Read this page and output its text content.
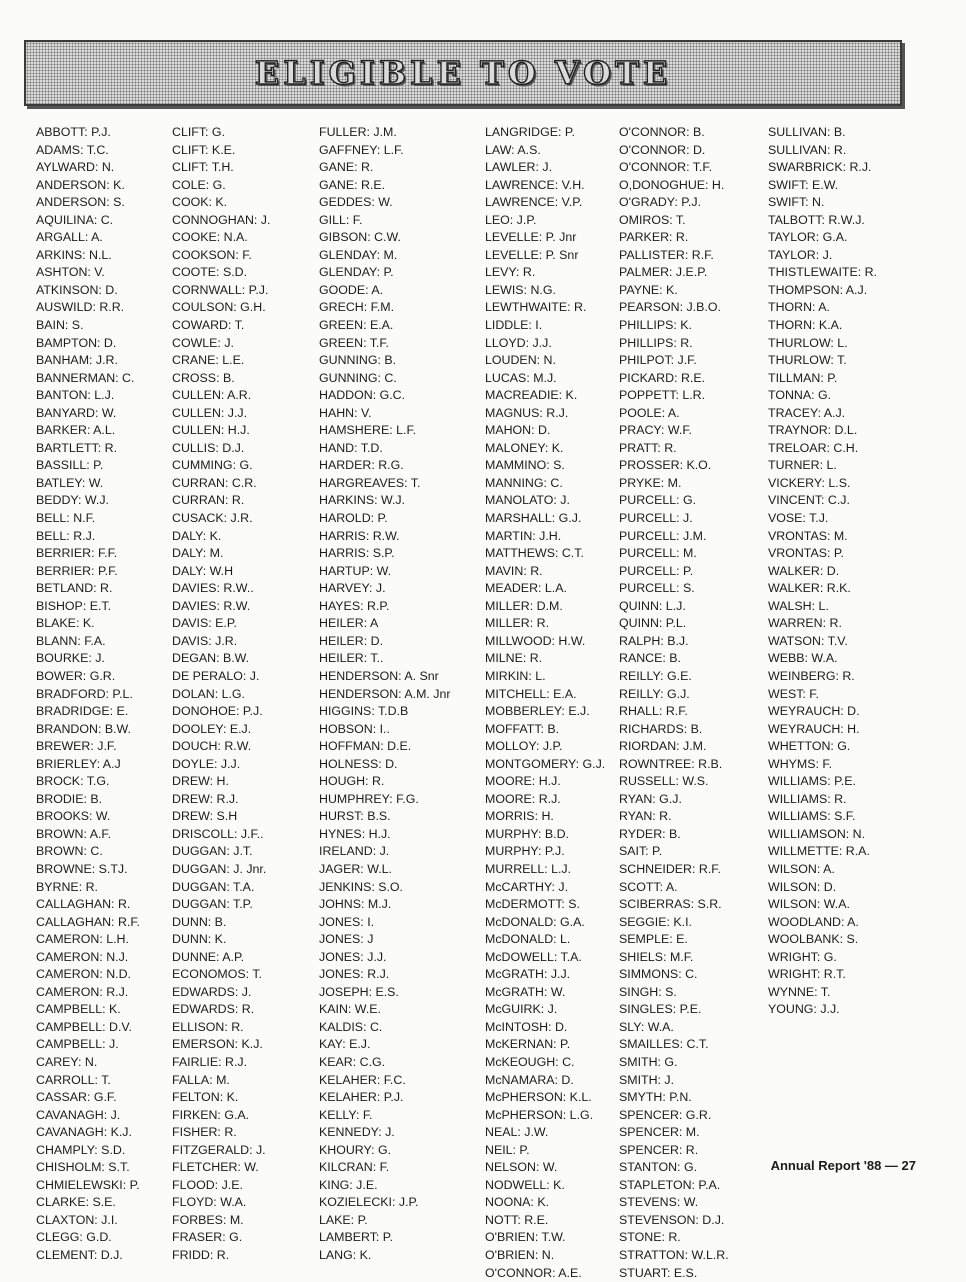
ELIGIBLE TO VOTE
ABBOTT: P.J.
ADAMS: T.C.
AYLWARD: N.
ANDERSON: K.
ANDERSON: S.
AQUILINA: C.
ARGALL: A.
ARKINS: N.L.
ASHTON: V.
ATKINSON: D.
AUSWILD: R.R.
BAIN: S.
BAMPTON: D.
BANHAM: J.R.
BANNERMAN: C.
BANTON: L.J.
BANYARD: W.
BARKER: A.L.
BARTLETT: R.
BASSILL: P.
BATLEY: W.
BEDDY: W.J.
BELL: N.F.
BELL: R.J.
BERRIER: F.F.
BERRIER: P.F.
BETLAND: R.
BISHOP: E.T.
BLAKE: K.
BLANN: F.A.
BOURKE: J.
BOWER: G.R.
BRADFORD: P.L.
BRADRIDGE: E.
BRANDON: B.W.
BREWER: J.F.
BRIERLEY: A.J
BROCK: T.G.
BRODIE: B.
BROOKS: W.
BROWN: A.F.
BROWN: C.
BROWNE: S.TJ.
BYRNE: R.
CALLAGHAN: R.
CALLAGHAN: R.F.
CAMERON: L.H.
CAMERON: N.J.
CAMERON: N.D.
CAMERON: R.J.
CAMPBELL: K.
CAMPBELL: D.V.
CAMPBELL: J.
CAREY: N.
CARROLL: T.
CASSAR: G.F.
CAVANAGH: J.
CAVANAGH: K.J.
CHAMPLY: S.D.
CHISHOLM: S.T.
CHMIELEWSKI: P.
CLARKE: S.E.
CLAXTON: J.I.
CLEGG: G.D.
CLEMENT: D.J.
CLIFT: G.
CLIFT: K.E.
CLIFT: T.H.
COLE: G.
COOK: K.
CONNOGHAN: J.
COOKE: N.A.
COOKSON: F.
COOTE: S.D.
CORNWALL: P.J.
COULSON: G.H.
COWARD: T.
COWLE: J.
CRANE: L.E.
CROSS: B.
CULLEN: A.R.
CULLEN: J.J.
CULLEN: H.J.
CULLIS: D.J.
CUMMING: G.
CURRAN: C.R.
CURRAN: R.
CUSACK: J.R.
DALY: K.
DALY: M.
DALY: W.H
DAVIES: R.W..
DAVIES: R.W.
DAVIS: E.P.
DAVIS: J.R.
DEGAN: B.W.
DE PERALO: J.
DOLAN: L.G.
DONOHOE: P.J.
DOOLEY: E.J.
DOUCH: R.W.
DOYLE: J.J.
DREW: H.
DREW: R.J.
DREW: S.H
DRISCOLL: J.F..
DUGGAN: J.T.
DUGGAN: J. Jnr.
DUGGAN: T.A.
DUGGAN: T.P.
DUNN: B.
DUNN: K.
DUNNE: A.P.
ECONOMOS: T.
EDWARDS: J.
EDWARDS: R.
ELLISON: R.
EMERSON: K.J.
FAIRLIE: R.J.
FALLA: M.
FELTON: K.
FIRKEN: G.A.
FISHER: R.
FITZGERALD: J.
FLETCHER: W.
FLOOD: J.E.
FLOYD: W.A.
FORBES: M.
FRASER: G.
FRIDD: R.
FULLER: J.M.
GAFFNEY: L.F.
GANE: R.
GANE: R.E.
GEDDES: W.
GILL: F.
GIBSON: C.W.
GLENDAY: M.
GLENDAY: P.
GOODE: A.
GRECH: F.M.
GREEN: E.A.
GREEN: T.F.
GUNNING: B.
GUNNING: C.
HADDON: G.C.
HAHN: V.
HAMSHERE: L.F.
HAND: T.D.
HARDER: R.G.
HARGREAVES: T.
HARKINS: W.J.
HAROLD: P.
HARRIS: R.W.
HARRIS: S.P.
HARTUP: W.
HARVEY: J.
HAYES: R.P.
HEILER: A
HEILER: D.
HEILER: T..
HENDERSON: A. Snr
HENDERSON: A.M. Jnr
HIGGINS: T.D.B
HOBSON: I..
HOFFMAN: D.E.
HOLNESS: D.
HOUGH: R.
HUMPHREY: F.G.
HURST: B.S.
HYNES: H.J.
IRELAND: J.
JAGER: W.L.
JENKINS: S.O.
JOHNS: M.J.
JONES: I.
JONES: J
JONES: J.J.
JONES: R.J.
JOSEPH: E.S.
KAIN: W.E.
KALDIS: C.
KAY: E.J.
KEAR: C.G.
KELAHER: F.C.
KELAHER: P.J.
KELLY: F.
KENNEDY: J.
KHOURY: G.
KILCRAN: F.
KING: J.E.
KOZIELECKI: J.P.
LAKE: P.
LAMBERT: P.
LANG: K.
LANGRIDGE: P.
LAW: A.S.
LAWLER: J.
LAWRENCE: V.H.
LAWRENCE: V.P.
LEO: J.P.
LEVELLE: P. Jnr
LEVELLE: P. Snr
LEVY: R.
LEWIS: N.G.
LEWTHWAITE: R.
LIDDLE: I.
LLOYD: J.J.
LOUDEN: N.
LUCAS: M.J.
MACREADIE: K.
MAGNUS: R.J.
MAHON: D.
MALONEY: K.
MAMMINO: S.
MANNING: C.
MANOLATO: J.
MARSHALL: G.J.
MARTIN: J.H.
MATTHEWS: C.T.
MAVIN: R.
MEADER: L.A.
MILLER: D.M.
MILLER: R.
MILLWOOD: H.W.
MILNE: R.
MIRKIN: L.
MITCHELL: E.A.
MOBBERLEY: E.J.
MOFFATT: B.
MOLLOY: J.P.
MONTGOMERY: G.J.
MOORE: H.J.
MOORE: R.J.
MORRIS: H.
MURPHY: B.D.
MURPHY: P.J.
MURRELL: L.J.
McCARTHY: J.
McDERMOTT: S.
McDONALD: G.A.
McDONALD: L.
McDOWELL: T.A.
McGRATH: J.J.
McGRATH: W.
McGUIRK: J.
McINTOSH: D.
McKERNAN: P.
McKEOUGH: C.
McNAMARA: D.
McPHERSON: K.L.
McPHERSON: L.G.
NEAL: J.W.
NEIL: P.
NELSON: W.
NODWELL: K.
NOONA: K.
NOTT: R.E.
O'BRIEN: T.W.
O'BRIEN: N.
O'CONNOR: A.E.
O'CONNOR: B.
O'CONNOR: D.
O'CONNOR: T.F.
O,DONOGHUE: H.
O'GRADY: P.J.
OMIROS: T.
PARKER: R.
PALLISTER: R.F.
PALMER: J.E.P.
PAYNE: K.
PEARSON: J.B.O.
PHILLIPS: K.
PHILLIPS: R.
PHILPOT: J.F.
PICKARD: R.E.
POPPETT: L.R.
POOLE: A.
PRACY: W.F.
PRATT: R.
PROSSER: K.O.
PRYKE: M.
PURCELL: G.
PURCELL: J.
PURCELL: J.M.
PURCELL: M.
PURCELL: P.
PURCELL: S.
QUINN: L.J.
QUINN: P.L.
RALPH: B.J.
RANCE: B.
REILLY: G.E.
REILLY: G.J.
RHALL: R.F.
RICHARDS: B.
RIORDAN: J.M.
ROWNTREE: R.B.
RUSSELL: W.S.
RYAN: G.J.
RYAN: R.
RYDER: B.
SAIT: P.
SCHNEIDER: R.F.
SCOTT: A.
SCIBERRAS: S.R.
SEGGIE: K.I.
SEMPLE: E.
SHIELS: M.F.
SIMMONS: C.
SINGH: S.
SINGLES: P.E.
SLY: W.A.
SMAILLES: C.T.
SMITH: G.
SMITH: J.
SMYTH: P.N.
SPENCER: G.R.
SPENCER: M.
SPENCER: R.
STANTON: G.
STAPLETON: P.A.
STEVENS: W.
STEVENSON: D.J.
STONE: R.
STRATTON: W.L.R.
STUART: E.S.
SULLIVAN: B.
SULLIVAN: R.
SWARBRICK: R.J.
SWIFT: E.W.
SWIFT: N.
TALBOTT: R.W.J.
TAYLOR: G.A.
TAYLOR: J.
THISTLEWAITE: R.
THOMPSON: A.J.
THORN: A.
THORN: K.A.
THURLOW: L.
THURLOW: T.
TILLMAN: P.
TONNA: G.
TRACEY: A.J.
TRAYNOR: D.L.
TRELOAR: C.H.
TURNER: L.
VICKERY: L.S.
VINCENT: C.J.
VOSE: T.J.
VRONTAS: M.
VRONTAS: P.
WALKER: D.
WALKER: R.K.
WALSH: L.
WARREN: R.
WATSON: T.V.
WEBB: W.A.
WEINBERG: R.
WEST: F.
WEYRAUCH: D.
WEYRAUCH: H.
WHETTON: G.
WHYMS: F.
WILLIAMS: P.E.
WILLIAMS: R.
WILLIAMS: S.F.
WILLIAMSON: N.
WILLMETTE: R.A.
WILSON: A.
WILSON: D.
WILSON: W.A.
WOODLAND: A.
WOOLBANK: S.
WRIGHT: G.
WRIGHT: R.T.
WYNNE: T.
YOUNG: J.J.
Annual Report '88 — 27
